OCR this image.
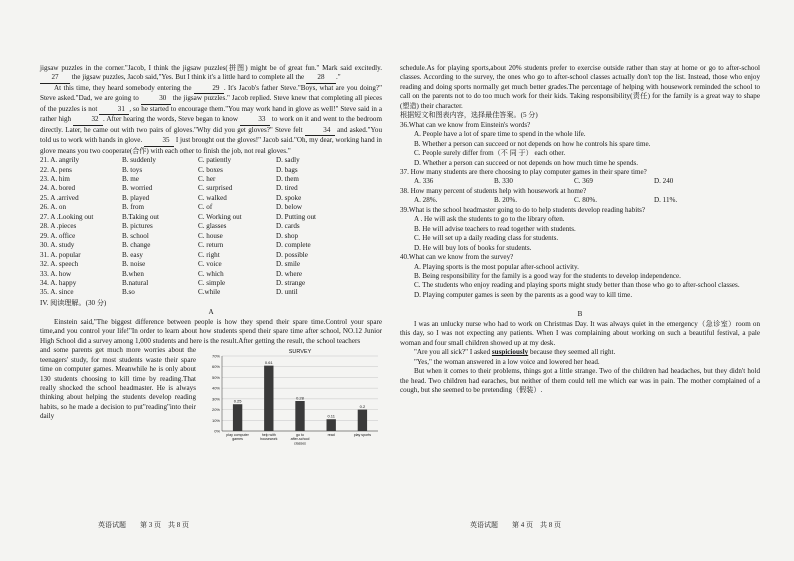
jigsaw puzzles in the corner."Jacob, I think the jigsaw puzzles(拼图) might be of great fun." Mark said excitedly. 27 the jigsaw puzzles, Jacob said,"Yes. But I think it's a little hard to complete all the 28 ."

At this time, they heard somebody entering the	29 . It's Jacob's father Steve."Boys, what are you doing?" Steve asked."Dad, we are going to	30 the jigsaw puzzles." Jacob replied. Steve knew that completing all pieces of the puzzles is not	31 , so he started to encourage them."You may work hand in glove as well!" Steve said in a rather high	32 . After hearing the words, Steve began to know	33 to work on it and went to the bedroom directly. Later, he came out with two pairs of gloves."Why did you get gloves?" Steve felt	34 and asked."You told us to work with hands in glove.	35 I just brought out the gloves!" Jacob said."Oh, my dear, working hand in glove means you two cooperate(合作) with each other to finish the job, not real gloves."

21. A. angrily	B. suddenly	C. patiently	D. sadly
22. A. pens	B. toys	C. boxes	D. bags
23. A. him	B. me	C. her	D. them
24. A. bored	B. worried	C. surprised	D. tired
25. A .arrived	B. played	C. walked	D. spoke
26. A. on	B. from	C. of	D. below
27. A .Looking out	B.Taking out	C. Working out	D. Putting out
28. A .pieces	B. pictures	C. glasses	D. cards
29. A. office	B. school	C. house	D. shop
30. A. study	B. change	C. return	D. complete
31. A. popular	B. easy	C. right	D. possible
32. A. speech	B. noise	C. voice	D. smile
33. A. how	B.when	C. which	D. where
34. A. happy	B.natural	C. simple	D. strange
35. A. since	B.so	C.while	D. until

IV. 阅读理解。(30 分)

A

Einstein said,"The biggest difference between people is how they spend their spare time.Control your spare time,and you control your life!"In order to learn about how students spend their spare time after school, NO.12 Junior High School did a survey among 1,000 students and here is the result.After getting the result, the school teachers

SURVEY
70%
60%
50%
40%
30%
20%
10%
0%
0.25
play computer games
0.61
help with housework
0.28
go to after-school classes
0.11
read
0.2
play sports

and some parents get much more worries about the teenagers' study, for most students waste their spare time on computer games. Meanwhile he is only about 130 students choosing to kill time by reading.That really shocked the school headmaster. He is always thinking about helping the students develop reading habits, so he made a decision to put"reading"into their daily

英语试题　　第 3 页　共 8 页

schedule.As for playing sports,about 20% students prefer to exercise outside rather than stay at home or go to after-school classes. According to the survey, the ones who go to after-school classes actually don't top the list. Instead, those who enjoy reading and doing sports normally get much better grades.The percentage of helping with housework reminded the school to call on the parents not to do too much work for their kids. Taking responsibility(责任) for the family is a great way to shape (塑造) their character.

根据短文和图表内容，选择最佳答案。(5 分)

36.What can we know from Einstein's words?

A. People have a lot of spare time to spend in the whole life.

B. Whether a person can succeed or not depends on how he controls his spare time.

C. People surely differ from（不 同 于） each other.

D. Whether a person can succeed or not depends on how much time he spends.

37. How many students are there choosing to play computer games in their spare time?

A. 336	B. 330	C. 369	D. 240

38. How many percent of students help with housework at home?

A. 28%.	B. 20%.	C. 80%.	D. 11%.

39.What is the school headmaster going to do to help students develop reading habits?

A . He will ask the students to go to the library often.

B. He will advise teachers to read together with students.

C. He will set up a daily reading class for students.

D. He will buy lots of books for students.

40.What can we know from the survey?

A. Playing sports is the most popular after-school activity.

B. Being responsibility for the family is a good way for the students to develop independence.

C. The students who enjoy reading and playing sports might study better than those who go to after-school classes.

D. Playing computer games is seen by the parents as a good way to kill time.

B

I was an unlucky nurse who had to work on Christmas Day. It was always quiet in the emergency（急诊室）room on this day, so I was not expecting any patients. When I was complaining about working on such a beautiful festival, a pale woman and four small children showed up at my desk.

"Are you all sick?" I asked suspiciously because they seemed all right.

"Yes," the woman answered in a low voice and lowered her head.

But when it comes to their problems, things got a little strange. Two of the children had headaches, but they didn't hold the head. Two children had earaches, but neither of them could tell me which ear was in pain. The mother complained of a cough, but she seemed to be pretending（假装）.

英语试题　　第 4 页　共 8 页
